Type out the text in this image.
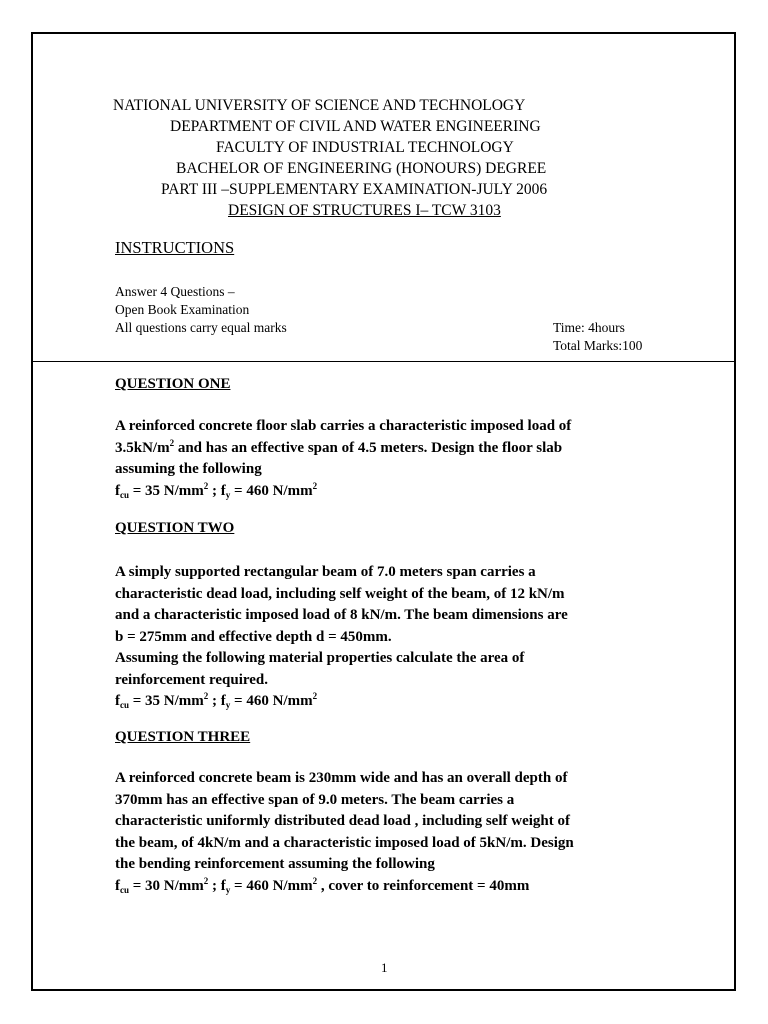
NATIONAL UNIVERSITY OF SCIENCE AND TECHNOLOGY
DEPARTMENT OF CIVIL AND WATER ENGINEERING
FACULTY OF INDUSTRIAL TECHNOLOGY
BACHELOR OF ENGINEERING (HONOURS) DEGREE
PART III –SUPPLEMENTARY EXAMINATION-JULY 2006
DESIGN OF STRUCTURES I– TCW 3103
INSTRUCTIONS
Answer 4 Questions –
Open Book Examination
All questions carry equal marks	Time: 4hours
Total Marks:100
QUESTION ONE
A reinforced concrete floor slab carries a characteristic imposed load of
$3.5kN/m^2$ and has an effective span of 4.5 meters. Design the floor slab
assuming the following
$f_{cu} = 35$ $N/mm^2$ ; $f_y = 460$ $N/mm^2$
QUESTION TWO
A simply supported rectangular beam of 7.0 meters span carries a
characteristic dead load, including self weight of the beam, of 12 kN/m
and a characteristic imposed load of 8 kN/m. The beam dimensions are
b = 275mm and effective depth d = 450mm.
Assuming the following material properties calculate the area of
reinforcement required.
$f_{cu} = 35$ $N/mm^2$ ; $f_y = 460$ $N/mm^2$
QUESTION THREE
A reinforced concrete beam is 230mm wide and has an overall depth of
370mm has an effective span of 9.0 meters. The beam carries a
characteristic uniformly distributed dead load , including self weight of
the beam, of 4kN/m and a characteristic imposed load of 5kN/m. Design
the bending reinforcement assuming the following
$f_{cu} = 30$ $N/mm^2$ ; $f_y = 460$ $N/mm^2$ , cover to reinforcement = 40mm
1
